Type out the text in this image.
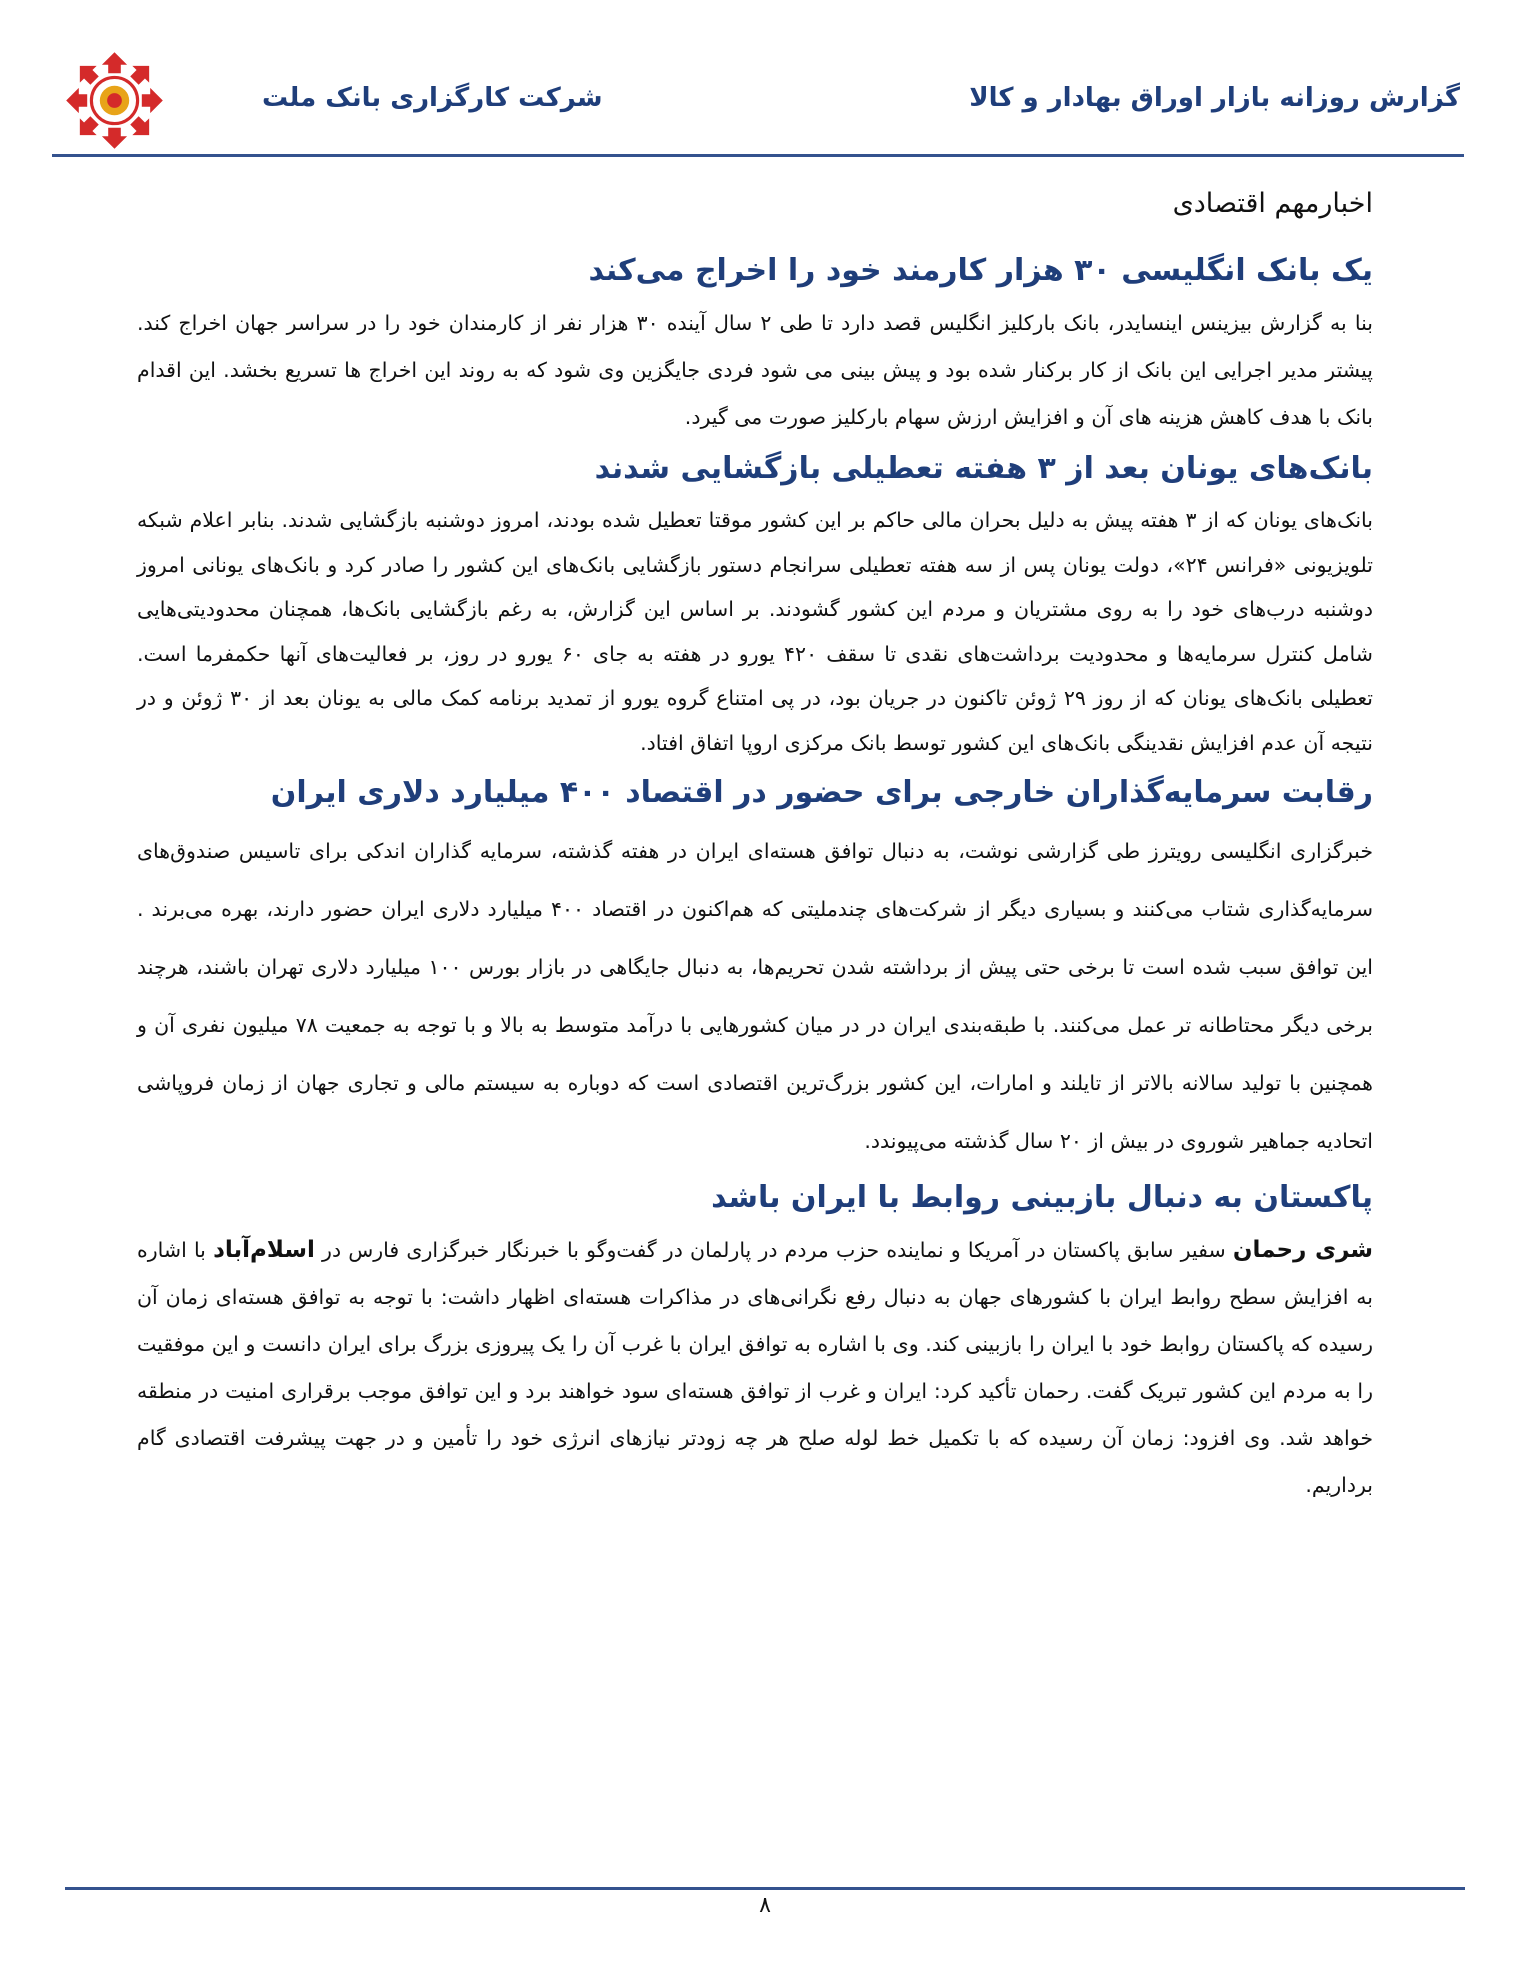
شرکت کارگزاری بانک ملت	گزارش روزانه بازار اوراق بهادار و کالا
اخبارمهم اقتصادی
یک بانک انگلیسی ۳۰ هزار کارمند خود را اخراج می‌کند

بنا به گزارش بیزینس اینسایدر، بانک بارکلیز انگلیس قصد دارد تا طی ۲ سال آینده ۳۰ هزار نفر از کارمندان خود را در سراسر جهان اخراج کند. پیشتر مدیر اجرایی این بانک از کار برکنار شده بود و پیش بینی می شود فردی جایگزین وی شود که به روند این اخراج ها تسریع بخشد. این اقدام بانک با هدف کاهش هزینه های آن و افزایش ارزش سهام بارکلیز صورت می گیرد.

بانک‌های یونان بعد از ۳ هفته تعطیلی بازگشایی شدند

بانک‌های یونان که از ۳ هفته پیش به دلیل بحران مالی حاکم بر این کشور موقتا تعطیل شده بودند، امروز دوشنبه بازگشایی شدند. بنابر اعلام شبکه تلویزیونی «فرانس ۲۴»، دولت یونان پس از سه هفته تعطیلی سرانجام دستور بازگشایی بانک‌های این کشور را صادر کرد و بانک‌های یونانی امروز دوشنبه درب‌های خود را به روی مشتریان و مردم این کشور گشودند. بر اساس این گزارش، به رغم بازگشایی بانک‌ها، همچنان محدودیتی‌هایی شامل کنترل سرمایه‌ها و محدودیت برداشت‌های نقدی تا سقف ۴۲۰ یورو در هفته به جای ۶۰ یورو در روز، بر فعالیت‌های آنها حکمفرما است. تعطیلی بانک‌های یونان که از روز ۲۹ ژوئن تاکنون در جریان بود، در پی امتناع گروه یورو از تمدید برنامه کمک مالی به یونان بعد از ۳۰ ژوئن و در نتیجه آن عدم افزایش نقدینگی بانک‌های این کشور توسط بانک مرکزی اروپا اتفاق افتاد.

رقابت سرمایه‌گذاران خارجی برای حضور در اقتصاد ۴۰۰ میلیارد دلاری ایران

خبرگزاری انگلیسی رویترز طی گزارشی نوشت، به دنبال توافق هسته‌ای ایران در هفته گذشته، سرمایه گذاران اندکی برای تاسیس صندوق‌های سرمایه‌گذاری شتاب می‌کنند و بسیاری دیگر از شرکت‌های چندملیتی که هم‌اکنون در اقتصاد ۴۰۰ میلیارد دلاری ایران حضور دارند، بهره می‌برند . این توافق سبب شده است تا برخی حتی پیش از برداشته شدن تحریم‌ها، به دنبال جایگاهی در بازار بورس ۱۰۰ میلیارد دلاری تهران باشند، هرچند برخی دیگر محتاطانه تر عمل می‌کنند. با طبقه‌بندی ایران در در میان کشورهایی با درآمد متوسط به بالا و با توجه به جمعیت ۷۸ میلیون نفری آن و همچنین با تولید سالانه بالاتر از تایلند و امارات، این کشور بزرگ‌ترین اقتصادی است که دوباره به سیستم مالی و تجاری جهان از زمان فروپاشی اتحادیه جماهیر شوروی در بیش از ۲۰ سال گذشته می‌پیوندد.

پاکستان به دنبال بازبینی روابط با ایران باشد

شری رحمان سفیر سابق پاکستان در آمریکا و نماینده حزب مردم در پارلمان در گفت‌وگو با خبرنگار خبرگزاری فارس در اسلام‌آباد با اشاره به افزایش سطح روابط ایران با کشورهای جهان به دنبال رفع نگرانی‌های در مذاکرات هسته‌ای اظهار داشت: با توجه به توافق هسته‌ای زمان آن رسیده که پاکستان روابط خود با ایران را بازبینی کند. وی با اشاره به توافق ایران با غرب آن را یک پیروزی بزرگ برای ایران دانست و این موفقیت را به مردم این کشور تبریک گفت. رحمان تأکید کرد: ایران و غرب از توافق هسته‌ای سود خواهند برد و این توافق موجب برقراری امنیت در منطقه خواهد شد. وی افزود: زمان آن رسیده که با تکمیل خط لوله صلح هر چه زودتر نیازهای انرژی خود را تأمین و در جهت پیشرفت اقتصادی گام برداریم.

۸
